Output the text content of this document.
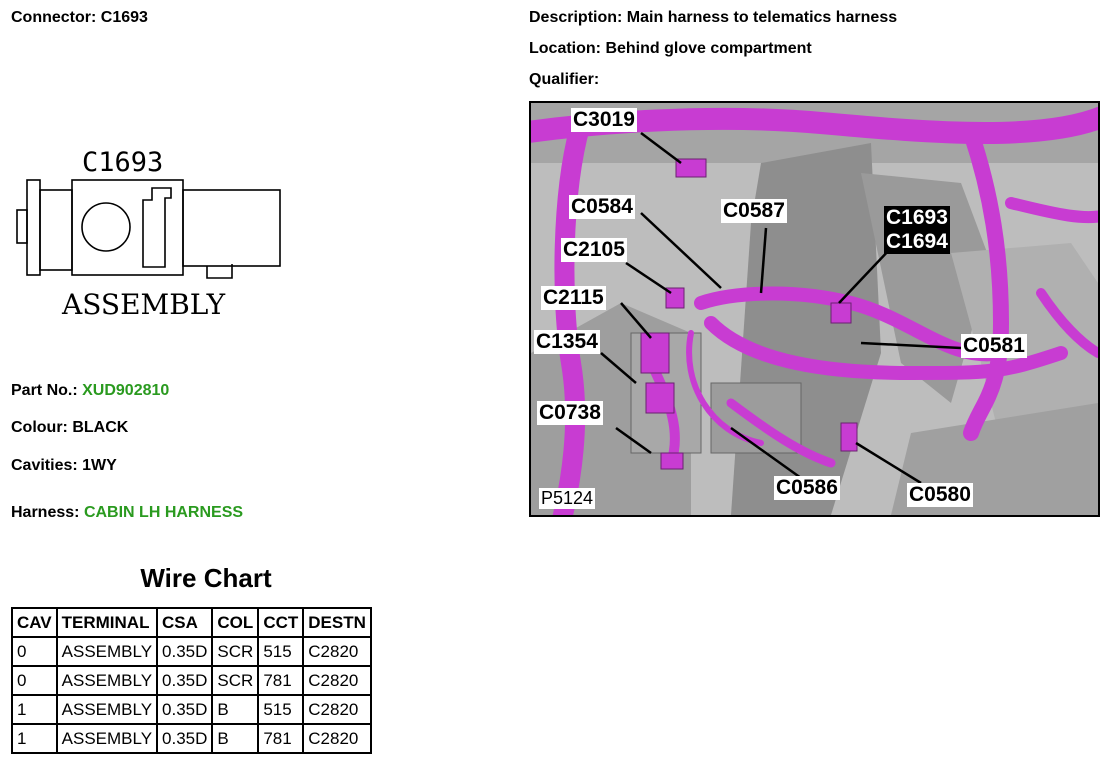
Connector: C1693	Description: Main harness to telematics harness
Location: Behind glove compartment
Qualifier:
C1693
ASSEMBLY
Part No.: XUD902810
Colour: BLACK
Cavities: 1WY
Harness: CABIN LH HARNESS
Wire Chart
CAV	TERMINAL	CSA	COL	CCT	DESTN
0	ASSEMBLY	0.35D	SCR	515	C2820
0	ASSEMBLY	0.35D	SCR	781	C2820
1	ASSEMBLY	0.35D	B	515	C2820
1	ASSEMBLY	0.35D	B	781	C2820
C3019
C0584	C0587	C1693
C1694
C2105
C2115
C1354	C0581
C0738
C0586	C0580
P5124
